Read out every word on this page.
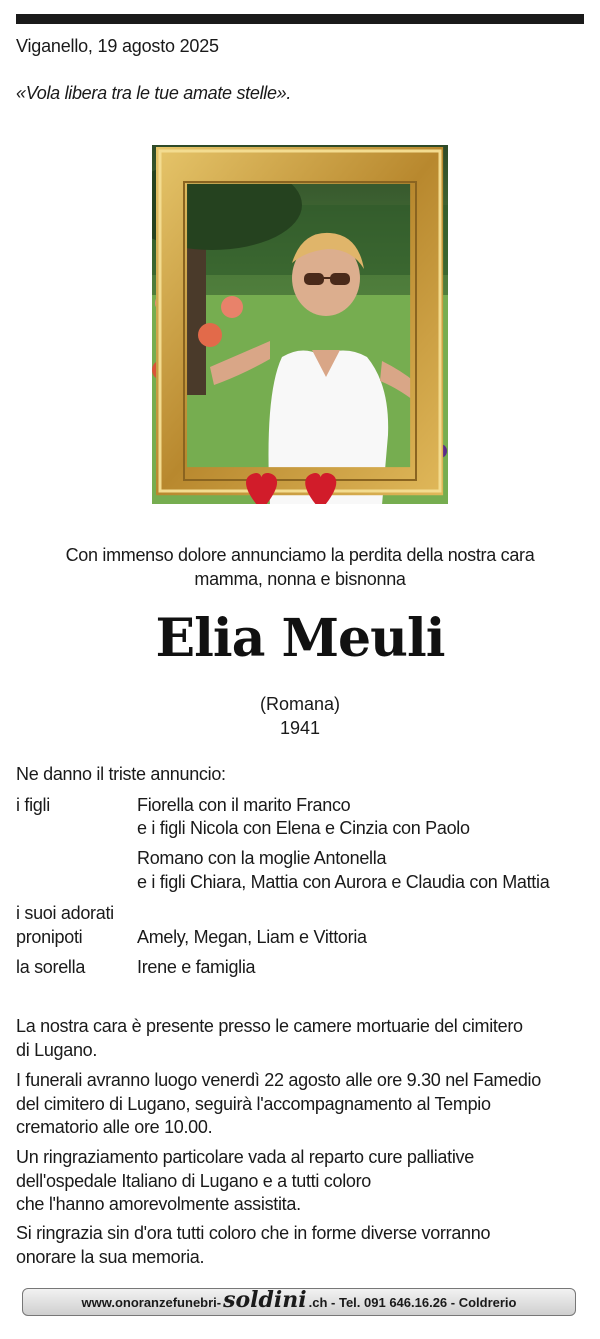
Viganello, 19 agosto 2025
«Vola libera tra le tue amate stelle».
Con immenso dolore annunciamo la perdita della nostra cara
mamma, nonna e bisnonna
Elia Meuli
(Romana)
1941
Ne danno il triste annuncio:
i figli	Fiorella con il marito Franco
e i figli Nicola con Elena e Cinzia con Paolo
Romano con la moglie Antonella
e i figli Chiara, Mattia con Aurora e Claudia con Mattia
i suoi adorati
pronipoti	Amely, Megan, Liam e Vittoria
la sorella	Irene e famiglia
La nostra cara è presente presso le camere mortuarie del cimitero
di Lugano.
I funerali avranno luogo venerdì 22 agosto alle ore 9.30 nel Famedio
del cimitero di Lugano, seguirà l'accompagnamento al Tempio
crematorio alle ore 10.00.
Un ringraziamento particolare vada al reparto cure palliative
dell'ospedale Italiano di Lugano e a tutti coloro
che l'hanno amorevolmente assistita.
Si ringrazia sin d'ora tutti coloro che in forme diverse vorranno
onorare la sua memoria.
www.onoranzefunebri- soldini .ch - Tel. 091 646.16.26 - Coldrerio
